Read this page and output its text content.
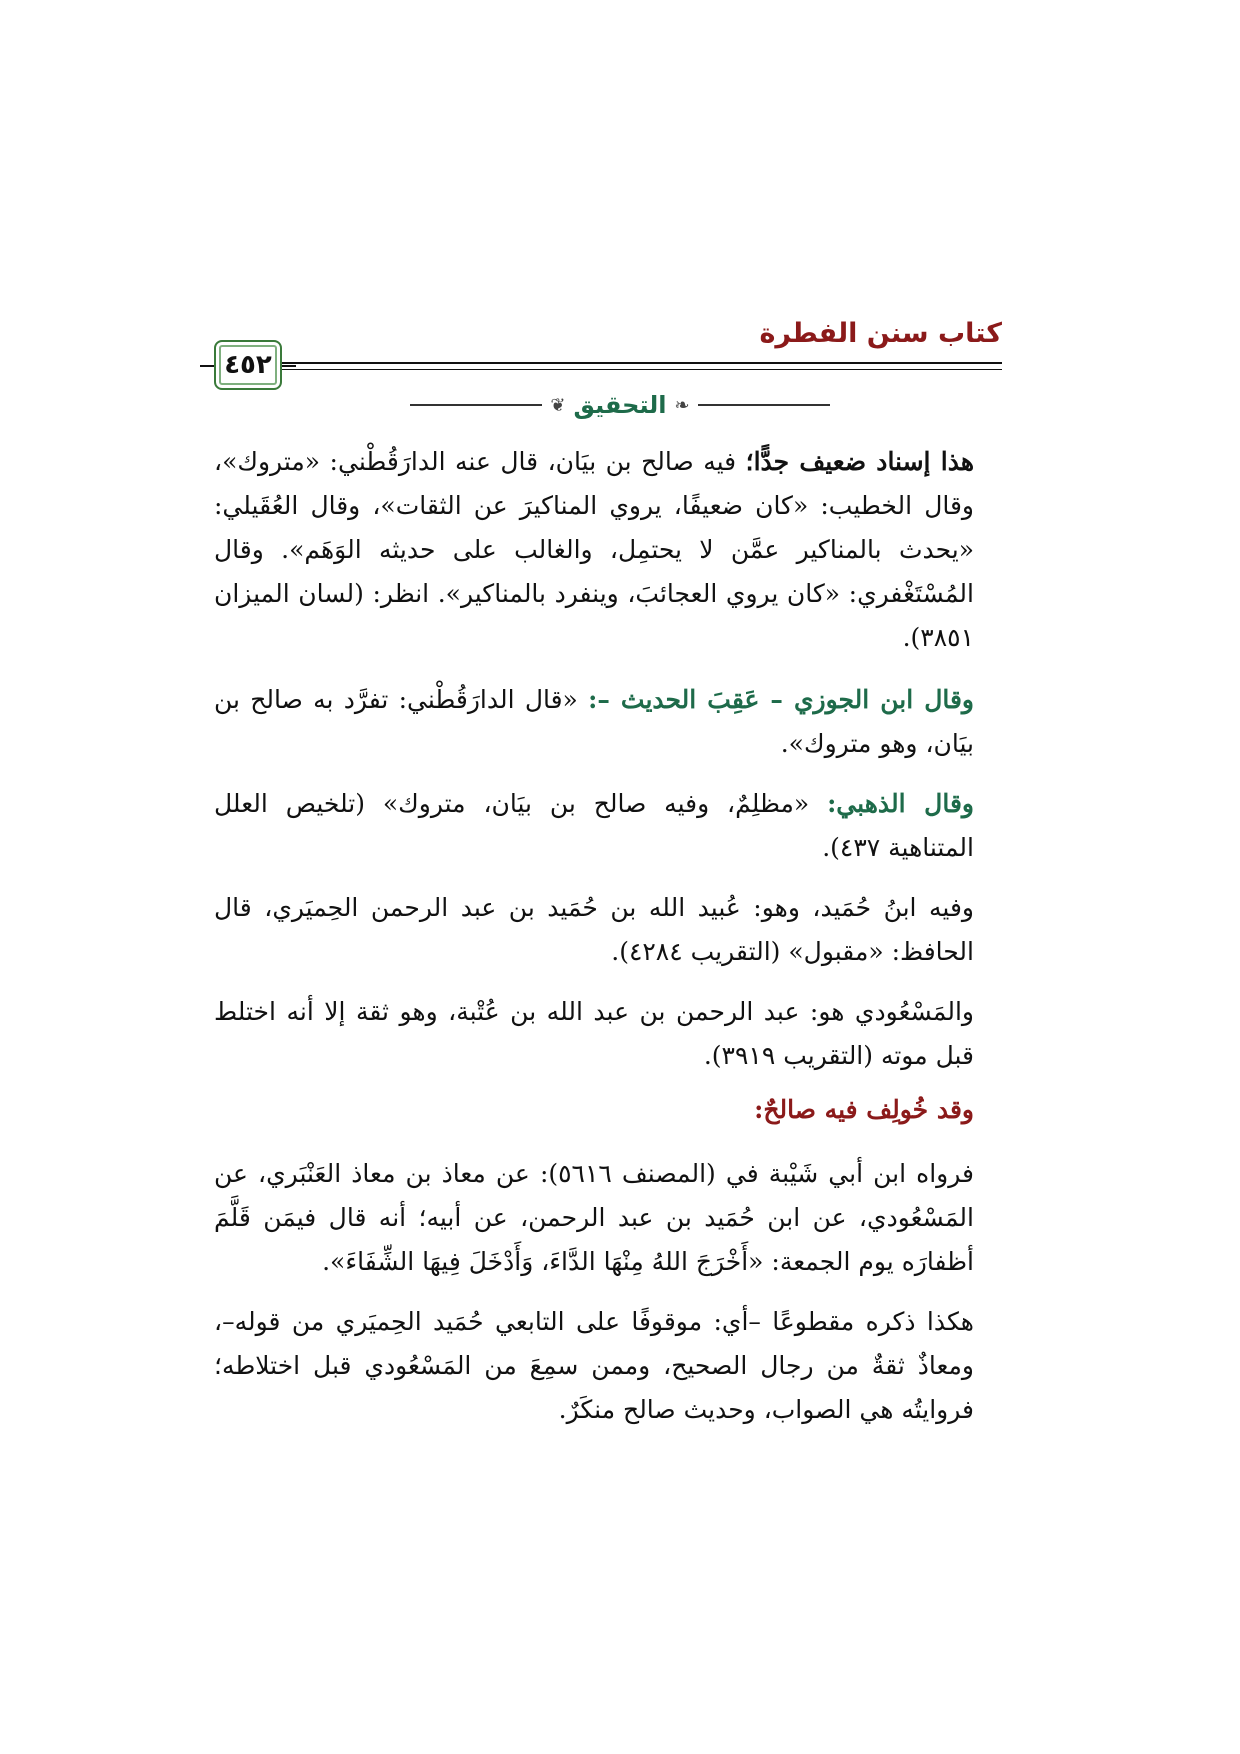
كتاب سنن الفطرة
٤٥٢
❧
التحقيق
❦

هذا إسناد ضعيف جدًّا؛ فيه صالح بن بيَان، قال عنه الدارَقُطْني: «متروك»، وقال الخطيب: «كان ضعيفًا، يروي المناكيرَ عن الثقات»، وقال العُقَيلي: «يحدث بالمناكير عمَّن لا يحتمِل، والغالب على حديثه الوَهَم». وقال المُسْتَغْفري: «كان يروي العجائبَ، وينفرد بالمناكير». انظر: (لسان الميزان ٣٨٥١).

وقال ابن الجوزي – عَقِبَ الحديث –: «قال الدارَقُطْني: تفرَّد به صالح بن بيَان، وهو متروك».

وقال الذهبي: «مظلِمٌ، وفيه صالح بن بيَان، متروك» (تلخيص العلل المتناهية ٤٣٧).

وفيه ابنُ حُمَيد، وهو: عُبيد الله بن حُمَيد بن عبد الرحمن الحِميَري، قال الحافظ: «مقبول» (التقريب ٤٢٨٤).

والمَسْعُودي هو: عبد الرحمن بن عبد الله بن عُتْبة، وهو ثقة إلا أنه اختلط قبل موته (التقريب ٣٩١٩).

وقد خُولِف فيه صالحٌ:

فرواه ابن أبي شَيْبة في (المصنف ٥٦١٦): عن معاذ بن معاذ العَنْبَري، عن المَسْعُودي، عن ابن حُمَيد بن عبد الرحمن، عن أبيه؛ أنه قال فيمَن قَلَّمَ أظفارَه يوم الجمعة: «أَخْرَجَ اللهُ مِنْهَا الدَّاءَ، وَأَدْخَلَ فِيهَا الشِّفَاءَ».

هكذا ذكره مقطوعًا –أي: موقوفًا على التابعي حُمَيد الحِميَري من قوله–، ومعاذٌ ثقةٌ من رجال الصحيح، وممن سمِعَ من المَسْعُودي قبل اختلاطه؛ فروايتُه هي الصواب، وحديث صالح منكَرٌ.
